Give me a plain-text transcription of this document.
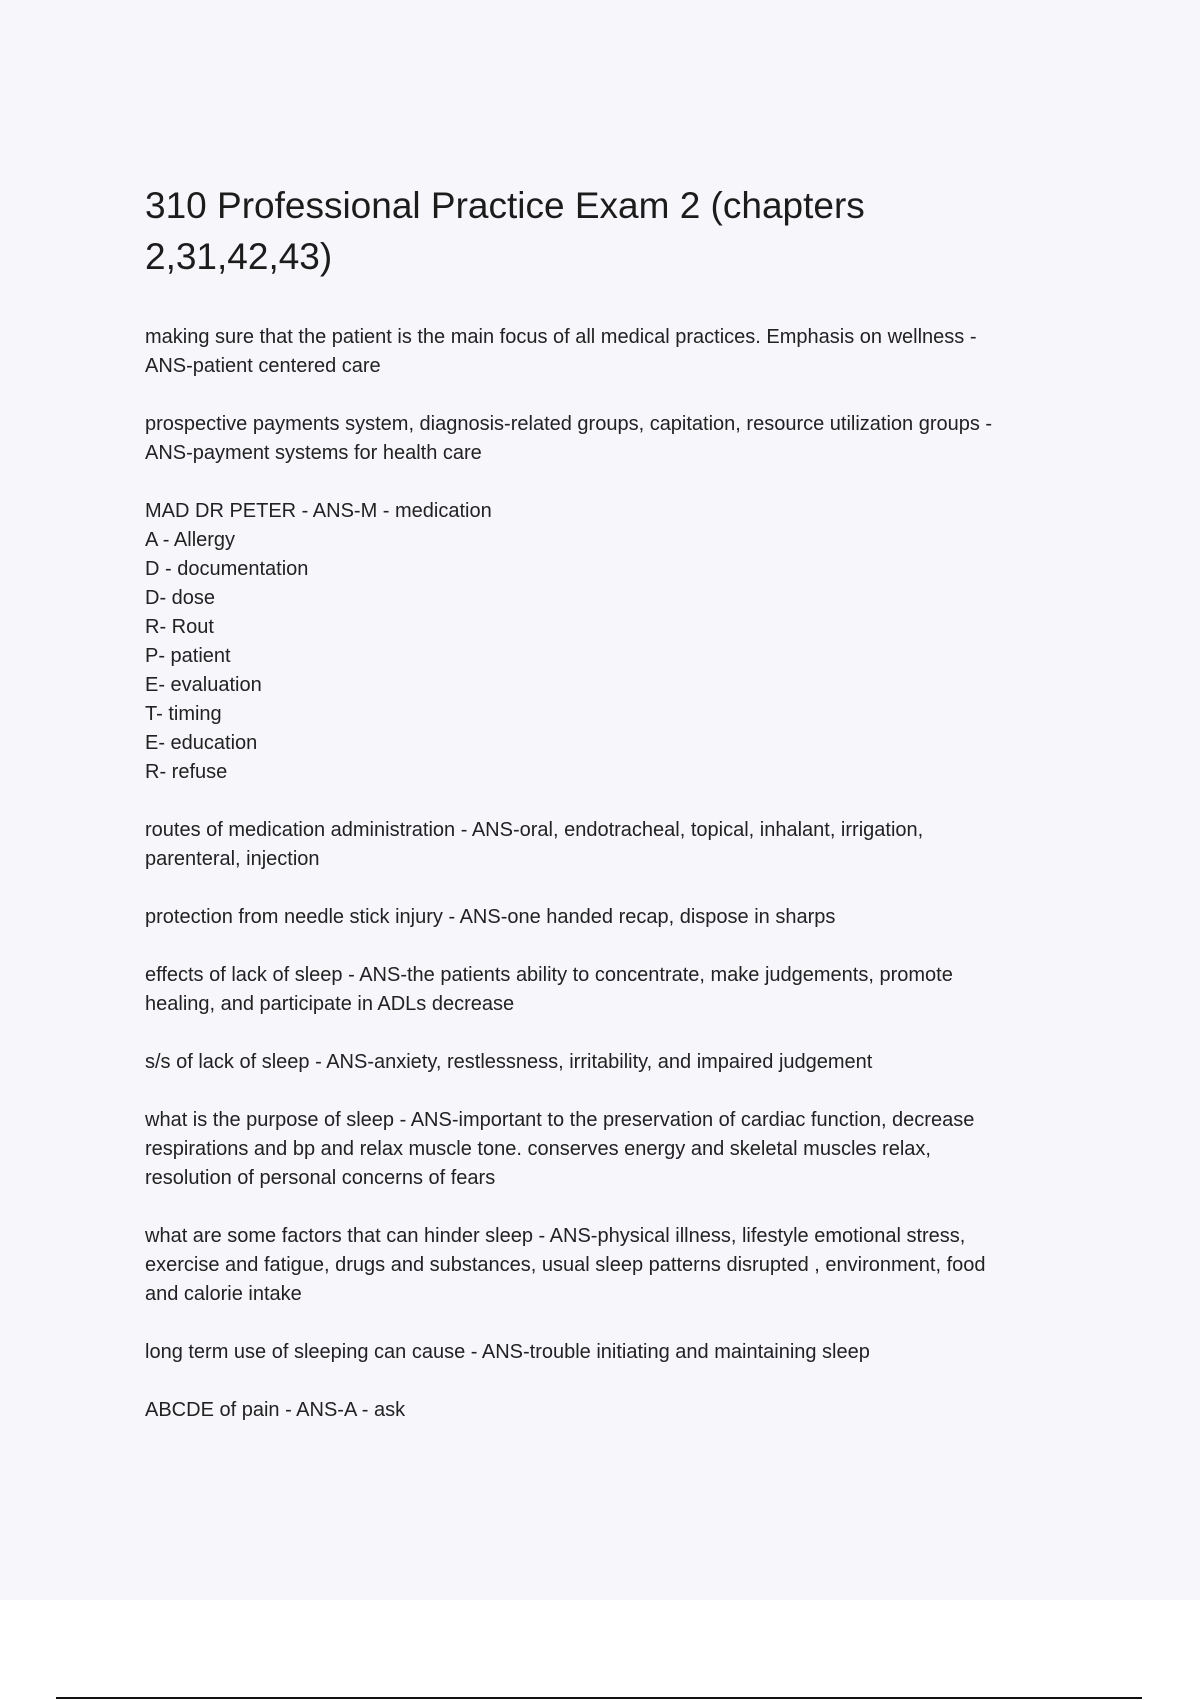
310 Professional Practice Exam 2 (chapters 2,31,42,43)
making sure that the patient is the main focus of all medical practices. Emphasis on wellness -
ANS-patient centered care
prospective payments system, diagnosis-related groups, capitation, resource utilization groups -
ANS-payment systems for health care
MAD DR PETER - ANS-M - medication
A - Allergy
D - documentation
D- dose
R- Rout
P- patient
E- evaluation
T- timing
E- education
R- refuse
routes of medication administration - ANS-oral, endotracheal, topical, inhalant, irrigation,
parenteral, injection
protection from needle stick injury - ANS-one handed recap, dispose in sharps
effects of lack of sleep - ANS-the patients ability to concentrate, make judgements, promote
healing, and participate in ADLs decrease
s/s of lack of sleep - ANS-anxiety, restlessness, irritability, and impaired judgement
what is the purpose of sleep - ANS-important to the preservation of cardiac function, decrease
respirations and bp and relax muscle tone. conserves energy and skeletal muscles relax,
resolution of personal concerns of fears
what are some factors that can hinder sleep - ANS-physical illness, lifestyle emotional stress,
exercise and fatigue, drugs and substances, usual sleep patterns disrupted , environment, food
and calorie intake
long term use of sleeping can cause - ANS-trouble initiating and maintaining sleep
ABCDE of pain - ANS-A - ask
